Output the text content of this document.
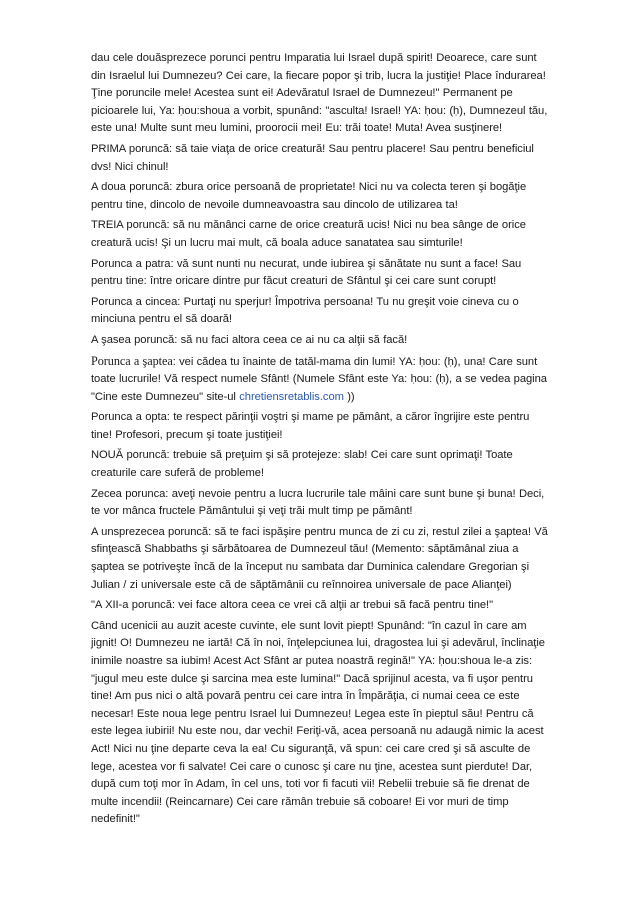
dau cele douăsprezece porunci pentru Imparatia lui Israel după spirit! Deoarece, care sunt din Israelul lui Dumnezeu? Cei care, la fiecare popor şi trib, lucra la justiţie! Place îndurarea! Ţine poruncile mele! Acestea sunt ei! Adevăratul Israel de Dumnezeu!" Permanent pe picioarele lui, Ya: ḥou:shoua a vorbit, spunând: "asculta! Israel! YA: ḥou: (ḥ), Dumnezeul tău, este una! Multe sunt meu lumini, proorocii mei! Eu: trăi toate! Muta! Avea susţinere!

PRIMA poruncă: să taie viaţa de orice creatură! Sau pentru placere! Sau pentru beneficiul dvs! Nici chinul!

A doua poruncă: zbura orice persoană de proprietate! Nici nu va colecta teren şi bogăţie pentru tine, dincolo de nevoile dumneavoastra sau dincolo de utilizarea ta!

TREIA poruncă: să nu mănânci carne de orice creatură ucis! Nici nu bea sânge de orice creatură ucis! Şi un lucru mai mult, că boala aduce sanatatea sau simturile!

Porunca a patra: vă sunt nunti nu necurat, unde iubirea şi sănătate nu sunt a face! Sau pentru tine: între oricare dintre pur făcut creaturi de Sfântul şi cei care sunt corupt!

Porunca a cincea: Purtaţi nu sperjur! Împotriva persoana! Tu nu greşit voie cineva cu o minciuna pentru el să doară!

A şasea poruncă: să nu faci altora ceea ce ai nu ca alţii să facă!

Porunca a şaptea: vei cădea tu înainte de tatăl-mama din lumi! YA: ḥou: (ḥ), una! Care sunt toate lucrurile! Vă respect numele Sfânt! (Numele Sfânt este Ya: ḥou: (ḥ), a se vedea pagina "Cine este Dumnezeu" site-ul chretiensretablis.com ))

Porunca a opta: te respect părinţii voştri şi mame pe pământ, a căror îngrijire este pentru tine! Profesori, precum şi toate justiţiei!

NOUĂ poruncă: trebuie să preţuim şi să protejeze: slab! Cei care sunt oprimaţi! Toate creaturile care suferă de probleme!

Zecea porunca: aveţi nevoie pentru a lucra lucrurile tale mâini care sunt bune şi buna! Deci, te vor mânca fructele Pământului şi veţi trăi mult timp pe pământ!

A unsprezecea poruncă: să te faci ispăşire pentru munca de zi cu zi, restul zilei a şaptea! Vă sfinţească Shabbaths şi sărbătoarea de Dumnezeul tău! (Memento: săptămânal ziua a şaptea se potriveşte încă de la început nu sambata dar Duminica calendare Gregorian şi Julian / zi universale este că de săptămânii cu reînnoirea universale de pace Alianţei)

"A XII-a poruncă: vei face altora ceea ce vrei că alţii ar trebui să facă pentru tine!"

Când ucenicii au auzit aceste cuvinte, ele sunt lovit piept! Spunând: "în cazul în care am jignit! O! Dumnezeu ne iartă! Că în noi, înţelepciunea lui, dragostea lui şi adevărul, înclinaţie inimile noastre sa iubim! Acest Act Sfânt ar putea noastră regină!" YA: ḥou:shoua le-a zis: "jugul meu este dulce şi sarcina mea este lumina!" Dacă sprijinul acesta, va fi uşor pentru tine! Am pus nici o altă povară pentru cei care intra în Împărăţia, ci numai ceea ce este necesar! Este noua lege pentru Israel lui Dumnezeu! Legea este în pieptul său! Pentru că este legea iubirii! Nu este nou, dar vechi! Feriţi-vă, acea persoană nu adaugă nimic la acest Act! Nici nu ţine departe ceva la ea! Cu siguranţă, vă spun: cei care cred şi să asculte de lege, acestea vor fi salvate! Cei care o cunosc şi care nu ţine, acestea sunt pierdute! Dar, după cum toţi mor în Adam, în cel uns, toti vor fi facuti vii! Rebelii trebuie să fie drenat de multe incendii! (Reincarnare) Cei care rămân trebuie să coboare! Ei vor muri de timp nedefinit!"
